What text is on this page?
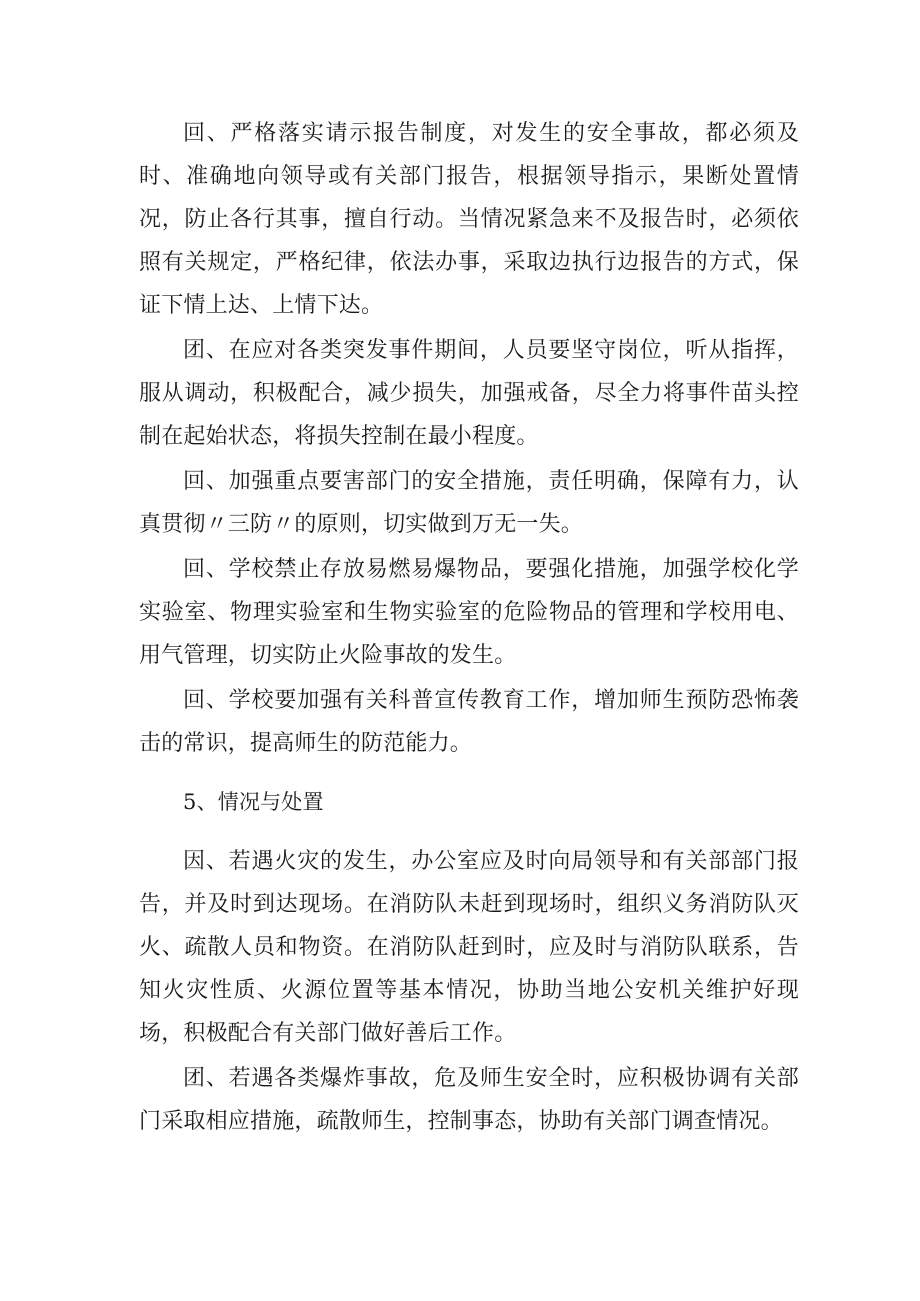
回、严格落实请示报告制度，对发生的安全事故，都必须及时、准确地向领导或有关部门报告，根据领导指示，果断处置情况，防止各行其事，擅自行动。当情况紧急来不及报告时，必须依照有关规定，严格纪律，依法办事，采取边执行边报告的方式，保证下情上达、上情下达。

团、在应对各类突发事件期间，人员要坚守岗位，听从指挥，服从调动，积极配合，减少损失，加强戒备，尽全力将事件苗头控制在起始状态，将损失控制在最小程度。

回、加强重点要害部门的安全措施，责任明确，保障有力，认真贯彻〃三防〃的原则，切实做到万无一失。

回、学校禁止存放易燃易爆物品，要强化措施，加强学校化学实验室、物理实验室和生物实验室的危险物品的管理和学校用电、用气管理，切实防止火险事故的发生。

回、学校要加强有关科普宣传教育工作，增加师生预防恐怖袭击的常识，提高师生的防范能力。

5、情况与处置

因、若遇火灾的发生，办公室应及时向局领导和有关部部门报告，并及时到达现场。在消防队未赶到现场时，组织义务消防队灭火、疏散人员和物资。在消防队赶到时，应及时与消防队联系，告知火灾性质、火源位置等基本情况，协助当地公安机关维护好现场，积极配合有关部门做好善后工作。

团、若遇各类爆炸事故，危及师生安全时，应积极协调有关部门采取相应措施，疏散师生，控制事态，协助有关部门调查情况。
